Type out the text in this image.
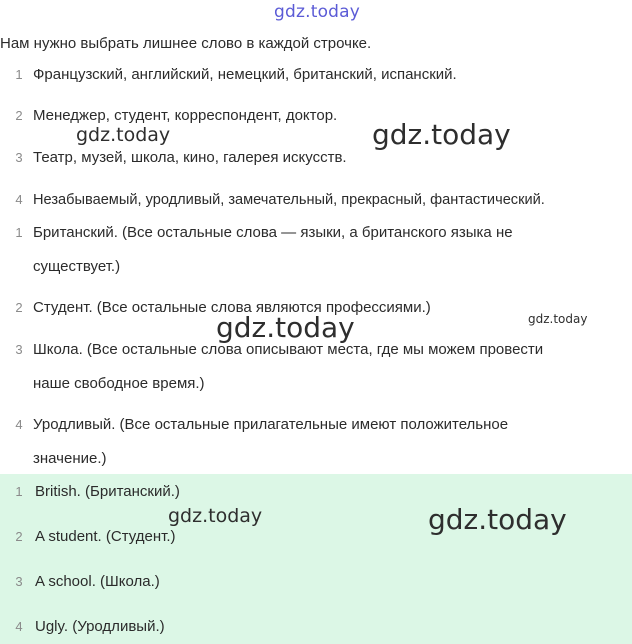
gdz.today
Нам нужно выбрать лишнее слово в каждой строчке.
1 Французский, английский, немецкий, британский, испанский.
2 Менеджер, студент, корреспондент, доктор.
3 Театр, музей, школа, кино, галерея искусств.
4 Незабываемый, уродливый, замечательный, прекрасный, фантастический.
1 Британский. (Все остальные слова — языки, а британского языка не
существует.)
2 Студент. (Все остальные слова являются профессиями.)
3 Школа. (Все остальные слова описывают места, где мы можем провести
наше свободное время.)
4 Уродливый. (Все остальные прилагательные имеют положительное
значение.)
1 British. (Британский.)
2 A student. (Студент.)
3 A school. (Школа.)
4 Ugly. (Уродливый.)
gdz.today	gdz.today
gdz.today	gdz.today
gdz.today	gdz.today
